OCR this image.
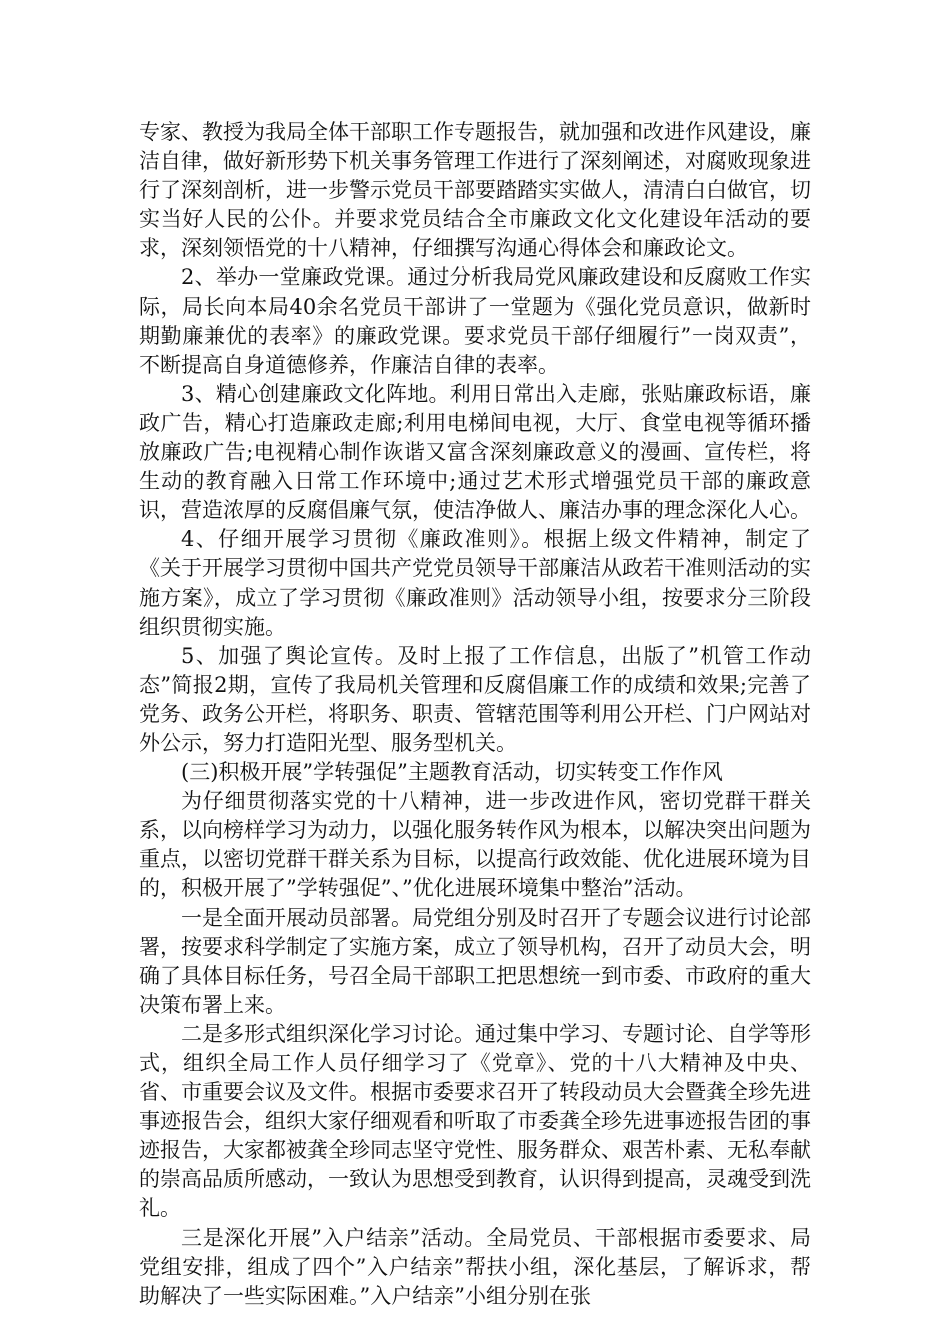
专家、教授为我局全体干部职工作专题报告，就加强和改进作风建设，廉洁自律，做好新形势下机关事务管理工作进行了深刻阐述，对腐败现象进行了深刻剖析，进一步警示党员干部要踏踏实实做人，清清白白做官，切实当好人民的公仆。并要求党员结合全市廉政文化文化建设年活动的要求，深刻领悟党的十八精神，仔细撰写沟通心得体会和廉政论文。

2、举办一堂廉政党课。通过分析我局党风廉政建设和反腐败工作实际，局长向本局40余名党员干部讲了一堂题为《强化党员意识，做新时期勤廉兼优的表率》的廉政党课。要求党员干部仔细履行”一岗双责”，不断提高自身道德修养，作廉洁自律的表率。

3、精心创建廉政文化阵地。利用日常出入走廊，张贴廉政标语，廉政广告，精心打造廉政走廊;利用电梯间电视，大厅、食堂电视等循环播放廉政广告;电视精心制作诙谐又富含深刻廉政意义的漫画、宣传栏，将生动的教育融入日常工作环境中;通过艺术形式增强党员干部的廉政意识，营造浓厚的反腐倡廉气氛，使洁净做人、廉洁办事的理念深化人心。

4、仔细开展学习贯彻《廉政准则》。根据上级文件精神，制定了《关于开展学习贯彻中国共产党党员领导干部廉洁从政若干准则活动的实施方案》，成立了学习贯彻《廉政准则》活动领导小组，按要求分三阶段组织贯彻实施。

5、加强了舆论宣传。及时上报了工作信息，出版了”机管工作动态”简报2期，宣传了我局机关管理和反腐倡廉工作的成绩和效果;完善了党务、政务公开栏，将职务、职责、管辖范围等利用公开栏、门户网站对外公示，努力打造阳光型、服务型机关。

(三)积极开展”学转强促”主题教育活动，切实转变工作作风

为仔细贯彻落实党的十八精神，进一步改进作风，密切党群干群关系，以向榜样学习为动力，以强化服务转作风为根本，以解决突出问题为重点，以密切党群干群关系为目标，以提高行政效能、优化进展环境为目的，积极开展了”学转强促”、”优化进展环境集中整治”活动。

一是全面开展动员部署。局党组分别及时召开了专题会议进行讨论部署，按要求科学制定了实施方案，成立了领导机构，召开了动员大会，明确了具体目标任务，号召全局干部职工把思想统一到市委、市政府的重大决策布署上来。

二是多形式组织深化学习讨论。通过集中学习、专题讨论、自学等形式，组织全局工作人员仔细学习了《党章》、党的十八大精神及中央、省、市重要会议及文件。根据市委要求召开了转段动员大会暨龚全珍先进事迹报告会，组织大家仔细观看和听取了市委龚全珍先进事迹报告团的事迹报告，大家都被龚全珍同志坚守党性、服务群众、艰苦朴素、无私奉献的崇高品质所感动，一致认为思想受到教育，认识得到提高，灵魂受到洗礼。

三是深化开展”入户结亲”活动。全局党员、干部根据市委要求、局党组安排，组成了四个”入户结亲”帮扶小组，深化基层，了解诉求，帮助解决了一些实际困难。”入户结亲”小组分别在张
